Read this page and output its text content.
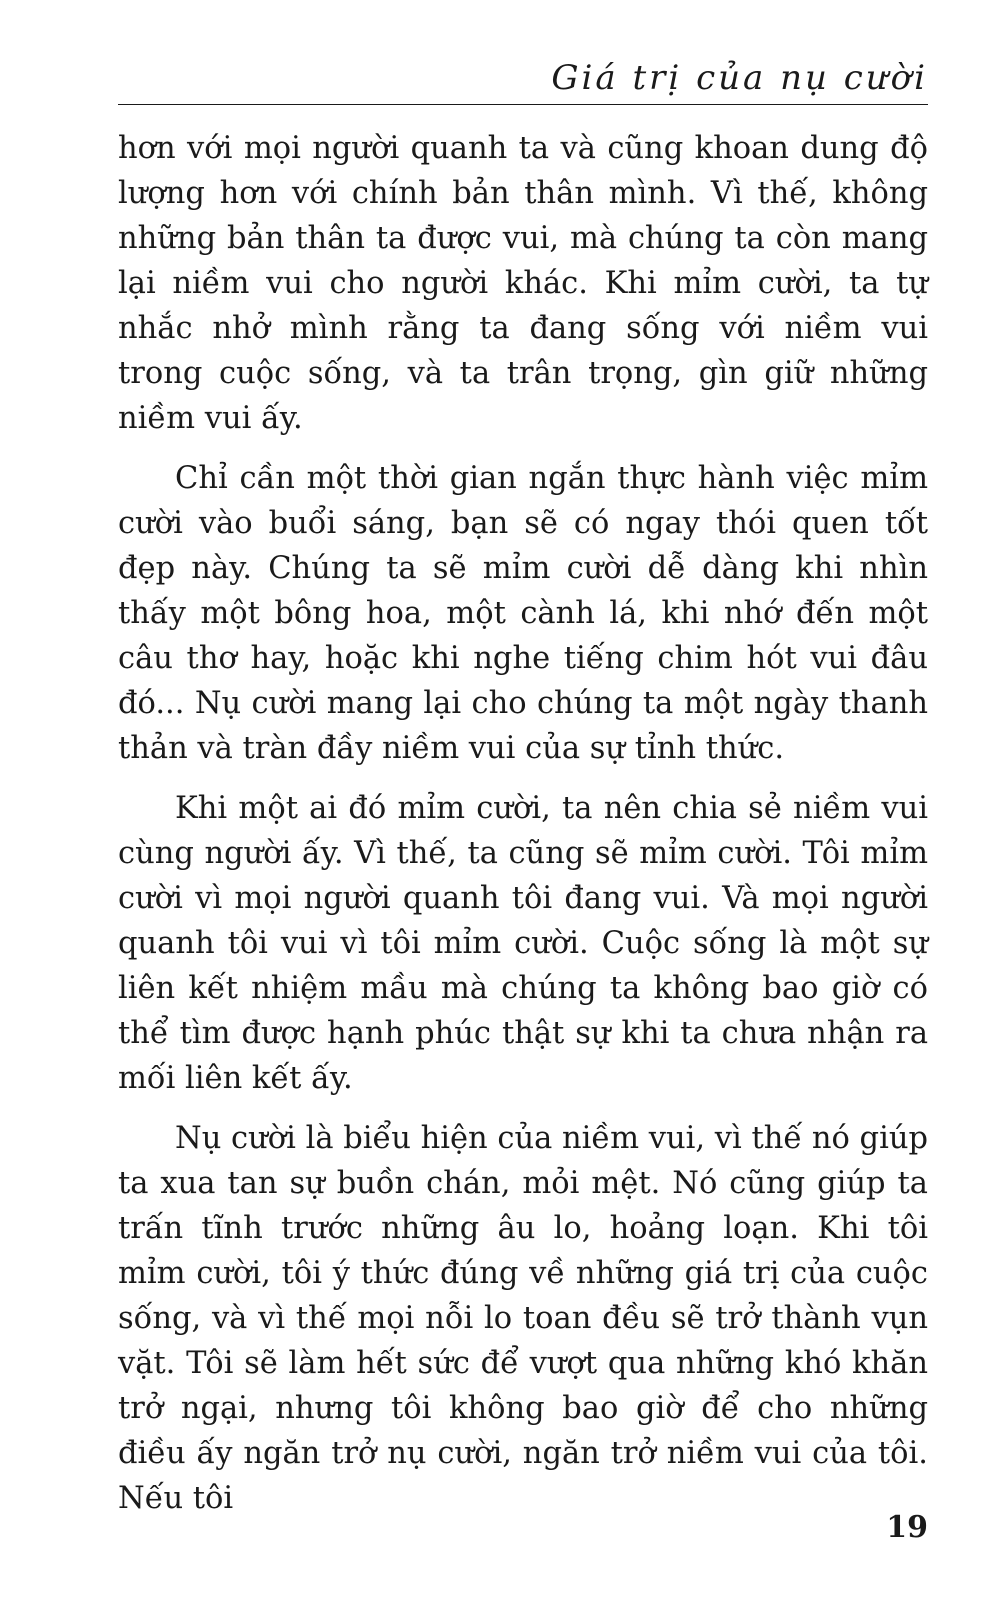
Giá trị của nụ cười

hơn với mọi người quanh ta và cũng khoan dung độ lượng hơn với chính bản thân mình. Vì thế, không những bản thân ta được vui, mà chúng ta còn mang lại niềm vui cho người khác. Khi mỉm cười, ta tự nhắc nhở mình rằng ta đang sống với niềm vui trong cuộc sống, và ta trân trọng, gìn giữ những niềm vui ấy.

Chỉ cần một thời gian ngắn thực hành việc mỉm cười vào buổi sáng, bạn sẽ có ngay thói quen tốt đẹp này. Chúng ta sẽ mỉm cười dễ dàng khi nhìn thấy một bông hoa, một cành lá, khi nhớ đến một câu thơ hay, hoặc khi nghe tiếng chim hót vui đâu đó... Nụ cười mang lại cho chúng ta một ngày thanh thản và tràn đầy niềm vui của sự tỉnh thức.

Khi một ai đó mỉm cười, ta nên chia sẻ niềm vui cùng người ấy. Vì thế, ta cũng sẽ mỉm cười. Tôi mỉm cười vì mọi người quanh tôi đang vui. Và mọi người quanh tôi vui vì tôi mỉm cười. Cuộc sống là một sự liên kết nhiệm mầu mà chúng ta không bao giờ có thể tìm được hạnh phúc thật sự khi ta chưa nhận ra mối liên kết ấy.

Nụ cười là biểu hiện của niềm vui, vì thế nó giúp ta xua tan sự buồn chán, mỏi mệt. Nó cũng giúp ta trấn tĩnh trước những âu lo, hoảng loạn. Khi tôi mỉm cười, tôi ý thức đúng về những giá trị của cuộc sống, và vì thế mọi nỗi lo toan đều sẽ trở thành vụn vặt. Tôi sẽ làm hết sức để vượt qua những khó khăn trở ngại, nhưng tôi không bao giờ để cho những điều ấy ngăn trở nụ cười, ngăn trở niềm vui của tôi. Nếu tôi

19
